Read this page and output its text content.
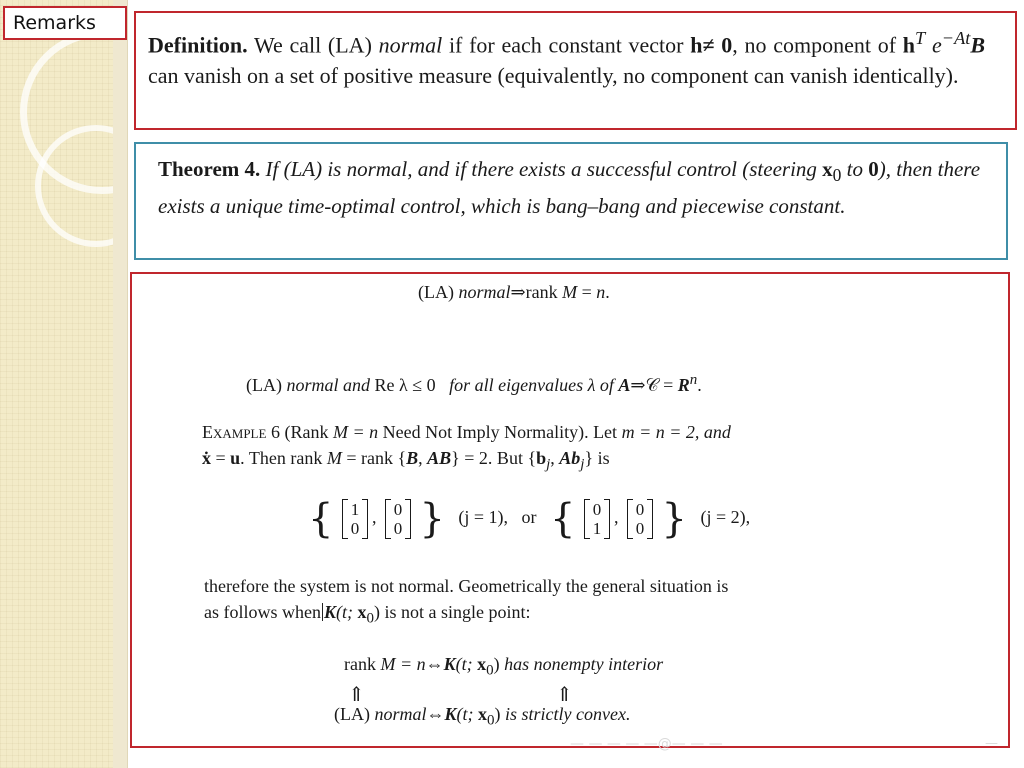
Remarks
Definition. We call (LA) normal if for each constant vector h≠ 0, no component of $h^T$ $e^{-At}B$ can vanish on a set of positive measure (equivalently, no component can vanish identically).
Theorem 4. If (LA) is normal, and if there exists a successful control (steering $x_0$ to 0), then there exists a unique time-optimal control, which is bang–bang and piecewise constant.
(LA) normal⇒rank M = n.
(LA) normal and Re λ ≤ 0 for all eigenvalues λ of A⇒𝒞 = $R^n$.
Example 6 (Rank M = n Need Not Imply Normality). Let m = n = 2, and
ẋ = u. Then rank M = rank {B, AB} = 2. But {$b_j$, $Ab_j$} is
{ 1
0, 0
0 } (j = 1), or { 0
1, 0
0 } (j = 2),
therefore the system is not normal. Geometrically the general situation is
as follows when K(t; $x_0$) is not a single point:
rank M = n⇔K(t; $x_0$) has nonempty interior
⇑	⇑
(LA) normal⇔K(t; $x_0$) is strictly convex.
— — — — —@— — —	—
